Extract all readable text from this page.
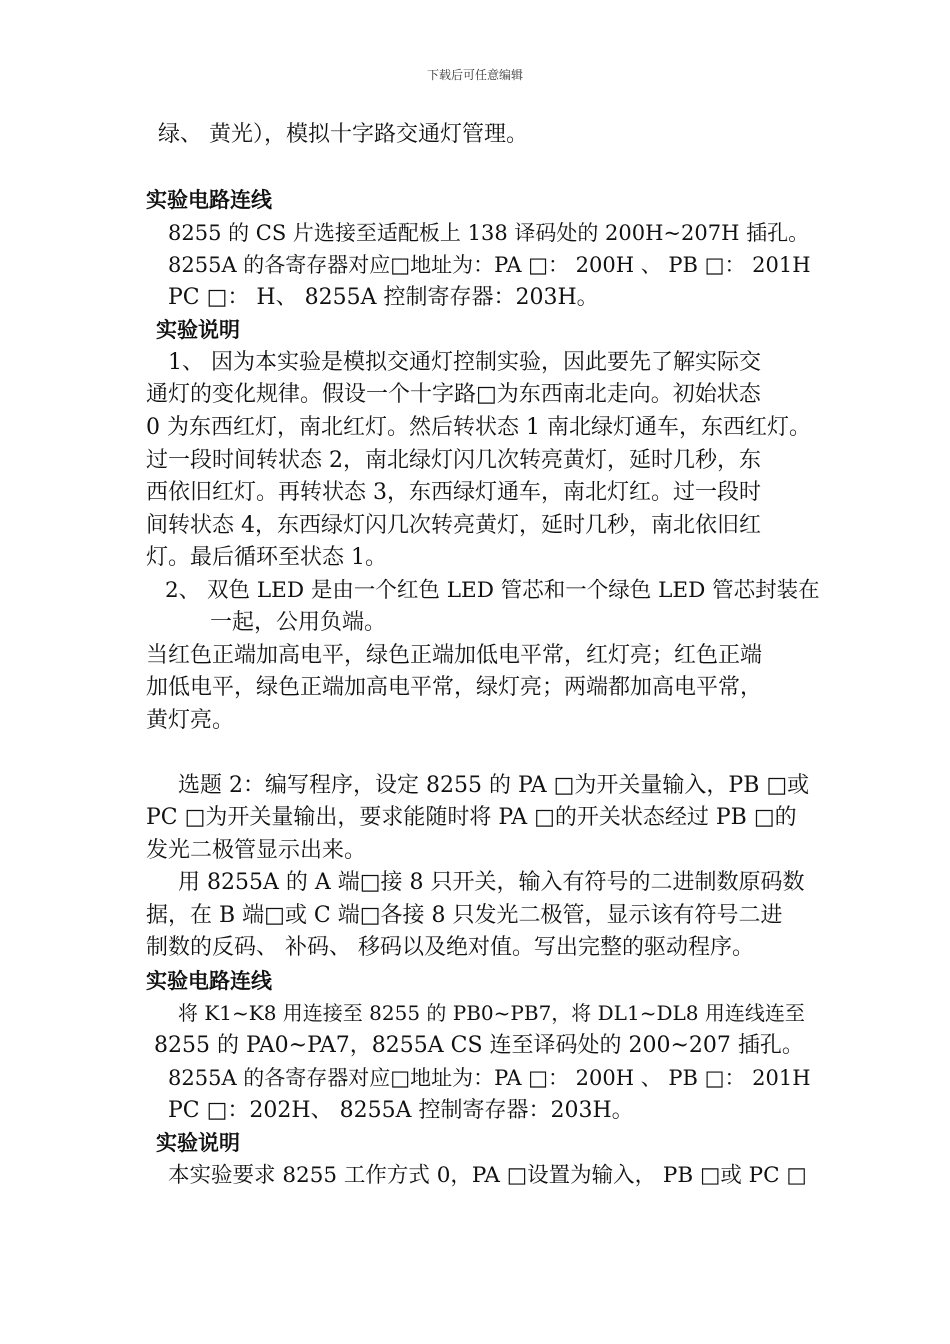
下载后可任意编辑
绿、 黄光），模拟十字路交通灯管理。
实验电路连线
8255 的 CS 片选接至适配板上 138 译码处的 200H~207H 插孔。
8255A 的各寄存器对应□地址为：PA □： 200H 、 PB □： 201H
PC □： H、 8255A 控制寄存器：203H。
实验说明
1、 因为本实验是模拟交通灯控制实验，因此要先了解实际交
通灯的变化规律。假设一个十字路□为东西南北走向。初始状态
0 为东西红灯，南北红灯。然后转状态 1 南北绿灯通车，东西红灯。
过一段时间转状态 2，南北绿灯闪几次转亮黄灯，延时几秒，东
西依旧红灯。再转状态 3，东西绿灯通车，南北灯红。过一段时
间转状态 4，东西绿灯闪几次转亮黄灯，延时几秒，南北依旧红
灯。最后循环至状态 1。
2、 双色 LED 是由一个红色 LED 管芯和一个绿色 LED 管芯封装在
一起，公用负端。
当红色正端加高电平，绿色正端加低电平常，红灯亮；红色正端
加低电平，绿色正端加高电平常，绿灯亮；两端都加高电平常，
黄灯亮。
选题 2：编写程序，设定 8255 的 PA □为开关量输入，PB □或
PC □为开关量输出，要求能随时将 PA □的开关状态经过 PB □的
发光二极管显示出来。
用 8255A 的 A 端□接 8 只开关，输入有符号的二进制数原码数
据，在 B 端□或 C 端□各接 8 只发光二极管，显示该有符号二进
制数的反码、 补码、 移码以及绝对值。写出完整的驱动程序。
实验电路连线
将 K1~K8 用连接至 8255 的 PB0~PB7，将 DL1~DL8 用连线连至
8255 的 PA0~PA7，8255A CS 连至译码处的 200~207 插孔。
8255A 的各寄存器对应□地址为：PA □： 200H 、 PB □： 201H
PC □：202H、 8255A 控制寄存器：203H。
实验说明
本实验要求 8255 工作方式 0，PA □设置为输入， PB □或 PC □
